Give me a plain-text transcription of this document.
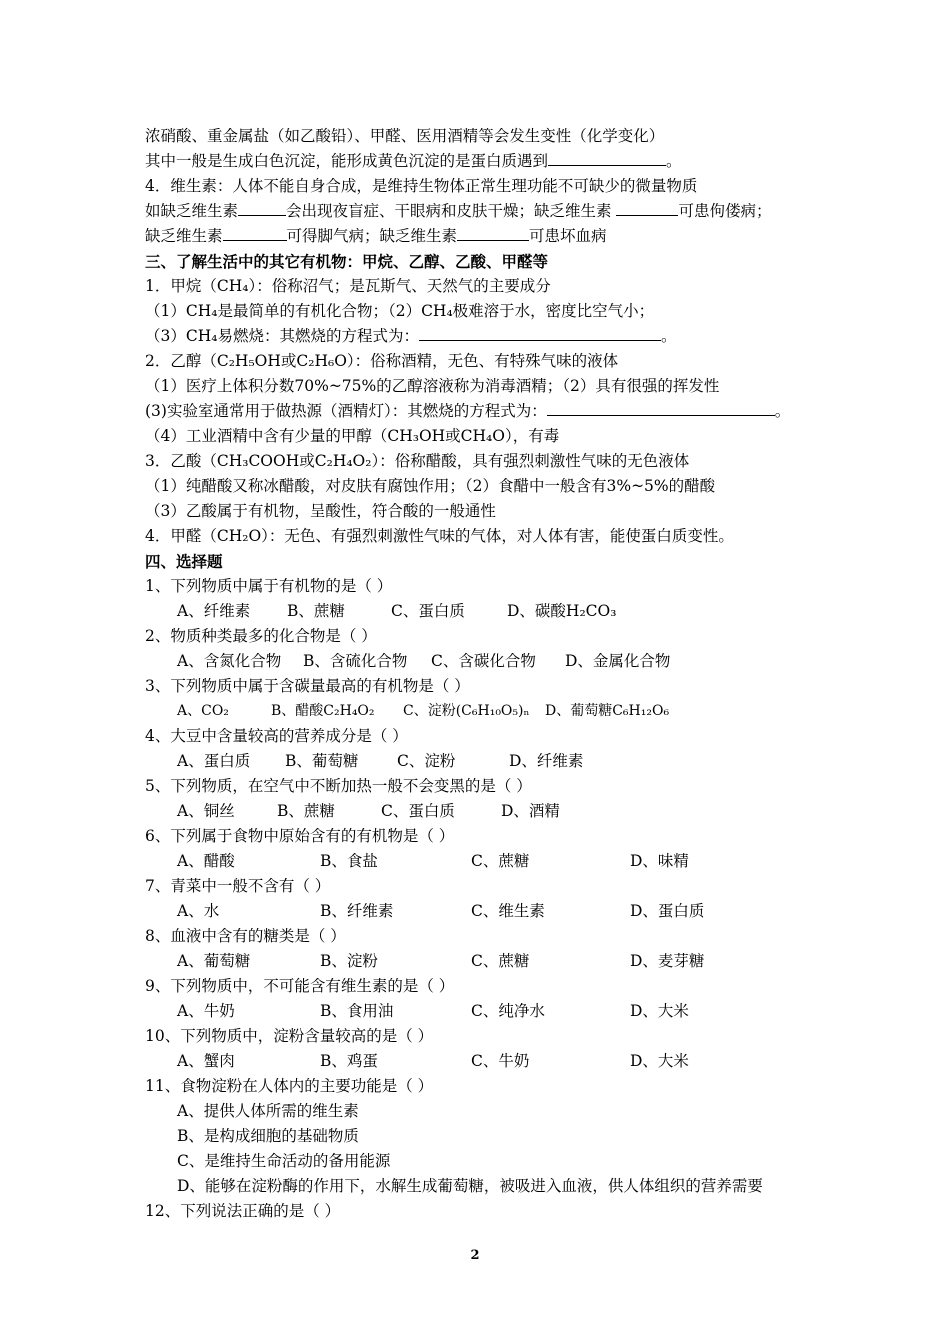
浓硝酸、重金属盐（如乙酸铅）、甲醛、医用酒精等会发生变性（化学变化）
其中一般是生成白色沉淀，能形成黄色沉淀的是蛋白质遇到	。
4．维生素：人体不能自身合成，是维持生物体正常生理功能不可缺少的微量物质
如缺乏维生素	会出现夜盲症、干眼病和皮肤干燥；缺乏维生素	可患佝偻病；
缺乏维生素	可得脚气病；缺乏维生素	可患坏血病
三、了解生活中的其它有机物：甲烷、乙醇、乙酸、甲醛等
1．甲烷（CH₄）：俗称沼气；是瓦斯气、天然气的主要成分
（1）CH₄是最简单的有机化合物；（2）CH₄极难溶于水，密度比空气小；
（3）CH₄易燃烧：其燃烧的方程式为：	。
2．乙醇（C₂H₅OH或C₂H₆O）：俗称酒精，无色、有特殊气味的液体
（1）医疗上体积分数70%~75%的乙醇溶液称为消毒酒精；（2）具有很强的挥发性
(3)实验室通常用于做热源（酒精灯）：其燃烧的方程式为：	。
（4）工业酒精中含有少量的甲醇（CH₃OH或CH₄O），有毒
3．乙酸（CH₃COOH或C₂H₄O₂）：俗称醋酸，具有强烈刺激性气味的无色液体
（1）纯醋酸又称冰醋酸，对皮肤有腐蚀作用；（2）食醋中一般含有3%~5%的醋酸
（3）乙酸属于有机物，呈酸性，符合酸的一般通性
4．甲醛（CH₂O）：无色、有强烈刺激性气味的气体，对人体有害，能使蛋白质变性。
四、选择题
1、下列物质中属于有机物的是（ ）
A、纤维素	B、蔗糖	C、蛋白质	D、碳酸H₂CO₃
2、物质种类最多的化合物是（ ）
A、含氮化合物	B、含硫化合物	C、含碳化合物	D、金属化合物
3、下列物质中属于含碳量最高的有机物是（ ）
A、CO₂	B、醋酸C₂H₄O₂	C、淀粉(C₆H₁₀O₅)ₙ	D、葡萄糖C₆H₁₂O₆
4、大豆中含量较高的营养成分是（ ）
A、蛋白质	B、葡萄糖	C、淀粉	D、纤维素
5、下列物质，在空气中不断加热一般不会变黑的是（ ）
A、铜丝	B、蔗糖	C、蛋白质	D、酒精
6、下列属于食物中原始含有的有机物是（ ）
A、醋酸	B、食盐	C、蔗糖	D、味精
7、青菜中一般不含有（ ）
A、水	B、纤维素	C、维生素	D、蛋白质
8、血液中含有的糖类是（ ）
A、葡萄糖	B、淀粉	C、蔗糖	D、麦芽糖
9、下列物质中，不可能含有维生素的是（ ）
A、牛奶	B、食用油	C、纯净水	D、大米
10、下列物质中，淀粉含量较高的是（ ）
A、蟹肉	B、鸡蛋	C、牛奶	D、大米
11、食物淀粉在人体内的主要功能是（ ）
A、提供人体所需的维生素
B、是构成细胞的基础物质
C、是维持生命活动的备用能源
D、能够在淀粉酶的作用下，水解生成葡萄糖，被吸进入血液，供人体组织的营养需要
12、下列说法正确的是（ ）
2
